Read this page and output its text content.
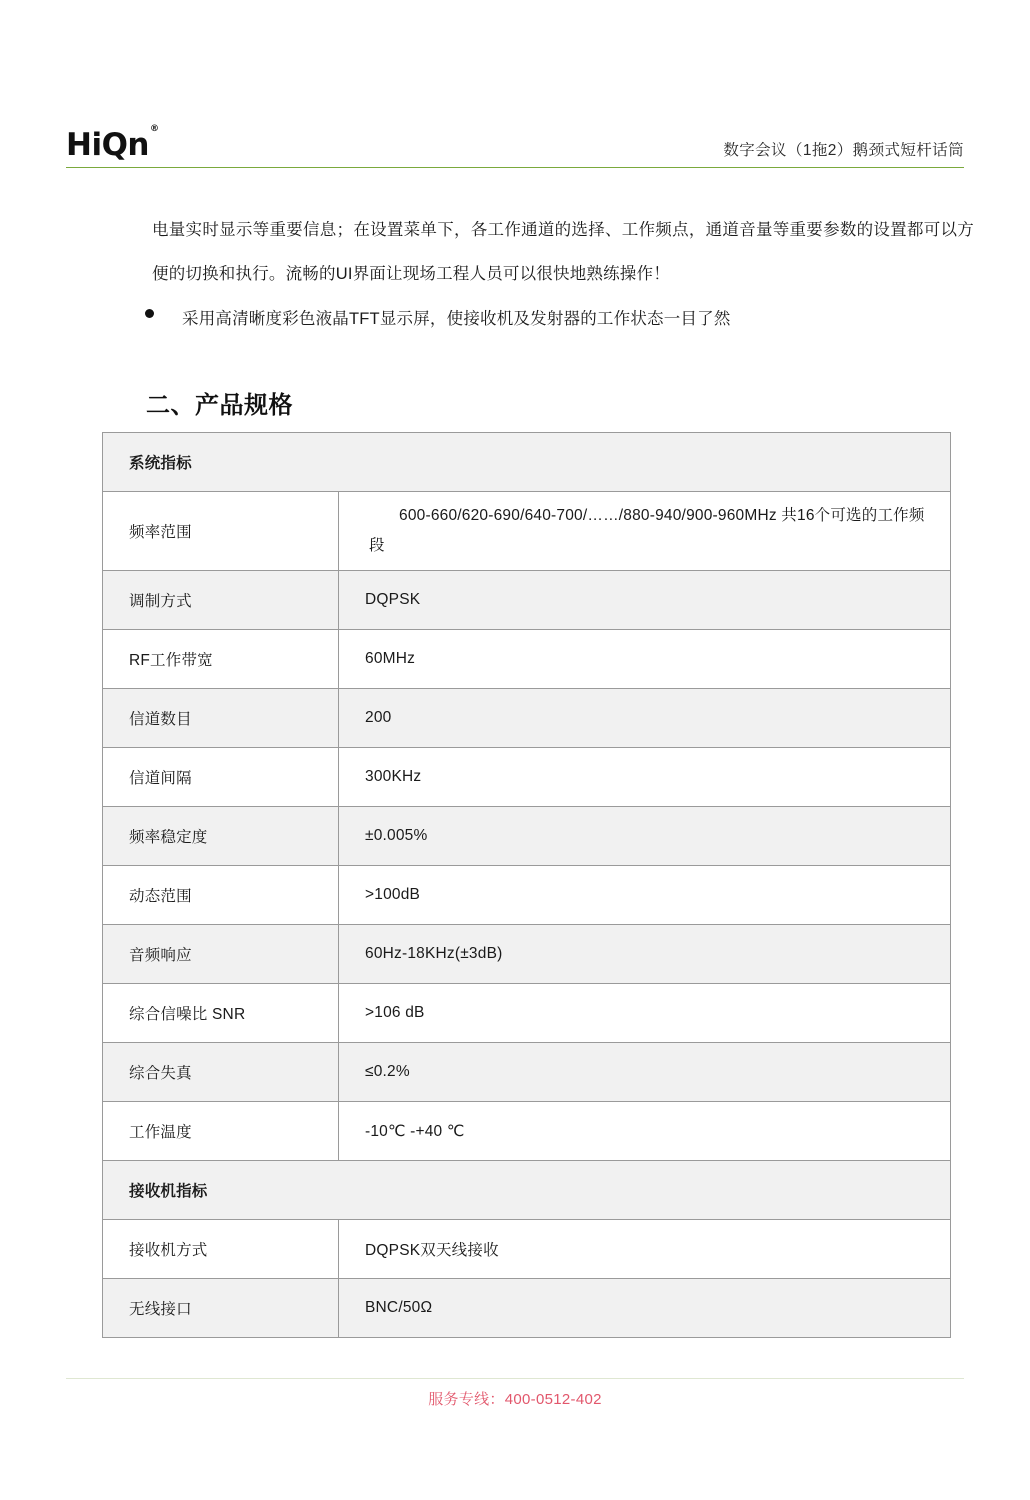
HiQn®
数字会议（1拖2）鹅颈式短杆话筒
电量实时显示等重要信息；在设置菜单下，各工作通道的选择、工作频点，通道音量等重要参数的设置都可以方便的切换和执行。流畅的UI界面让现场工程人员可以很快地熟练操作！
采用高清晰度彩色液晶TFT显示屏，使接收机及发射器的工作状态一目了然
二、产品规格
系统指标	
频率范围	600-660/620-690/640-700/……/880-940/900-960MHz 共16个可选的工作频段
调制方式	DQPSK
RF工作带宽	60MHz
信道数目	200
信道间隔	300KHz
频率稳定度	±0.005%
动态范围	>100dB
音频响应	60Hz-18KHz(±3dB)
综合信噪比 SNR	>106 dB
综合失真	≤0.2%
工作温度	-10℃ -+40 ℃
接收机指标	
接收机方式	DQPSK双天线接收
无线接口	BNC/50Ω
服务专线：400-0512-402
